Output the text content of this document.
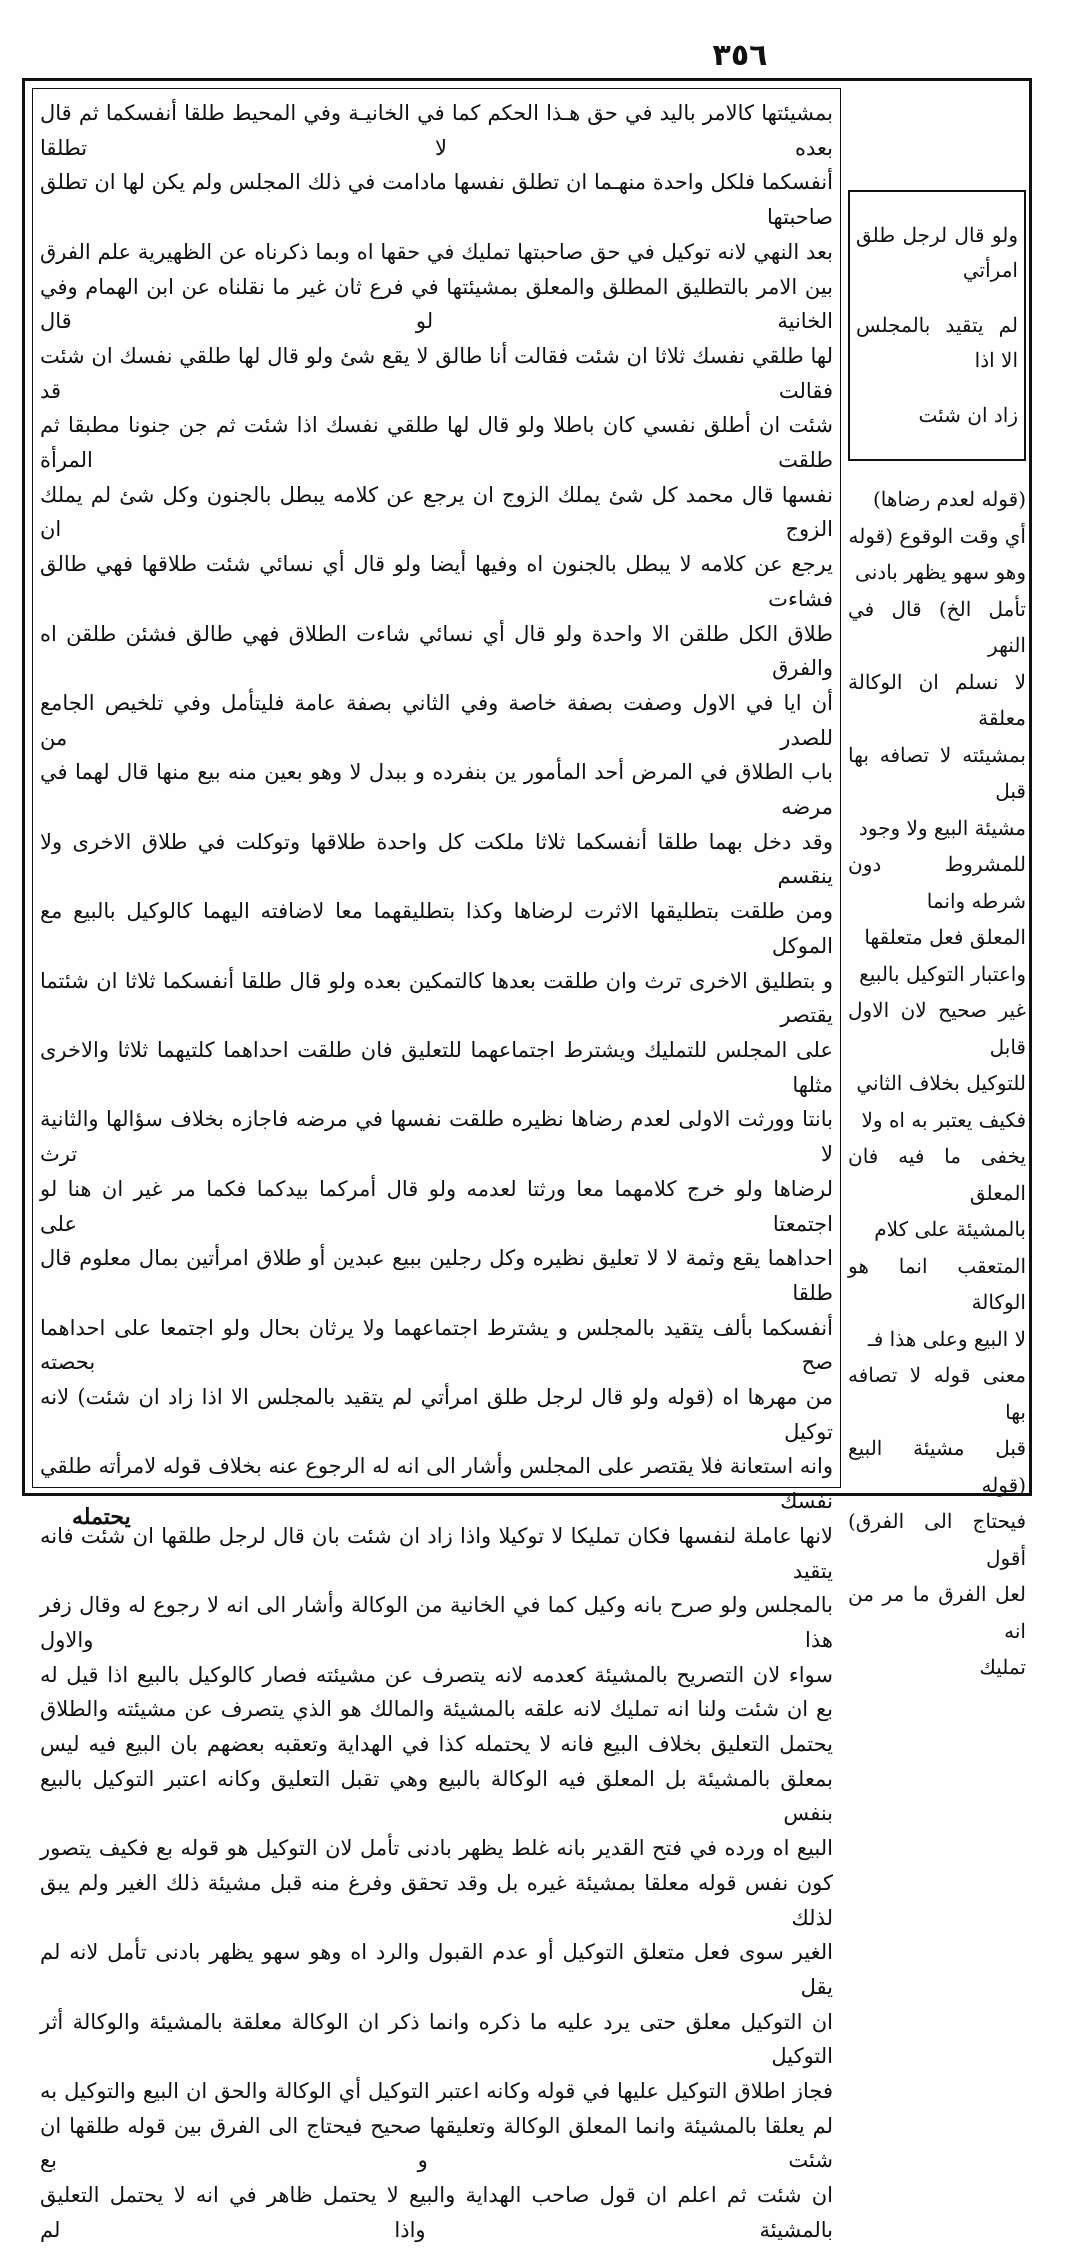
٣٥٦

بمشيئتها كالامر باليد في حق هـذا الحكم كما في الخانيـة وفي المحيط طلقا أنفسكما ثم قال بعده لا تطلقا

أنفسكما فلكل واحدة منهـما ان تطلق نفسها مادامت في ذلك المجلس ولم يكن لها ان تطلق صاحبتها

بعد النهي لانه توكيل في حق صاحبتها تمليك في حقها اه وبما ذكرناه عن الظهيرية علم الفرق

بين الامر بالتطليق المطلق والمعلق بمشيئتها في فرع ثان غير ما نقلناه عن ابن الهمام وفي الخانية لو قال

لها طلقي نفسك ثلاثا ان شئت فقالت أنا طالق لا يقع شئ ولو قال لها طلقي نفسك ان شئت فقالت قد

شئت ان أطلق نفسي كان باطلا ولو قال لها طلقي نفسك اذا شئت ثم جن جنونا مطبقا ثم طلقت المرأة

نفسها قال محمد كل شئ يملك الزوج ان يرجع عن كلامه يبطل بالجنون وكل شئ لم يملك الزوج ان

يرجع عن كلامه لا يبطل بالجنون اه وفيها أيضا ولو قال أي نسائي شئت طلاقها فهي طالق فشاءت

طلاق الكل طلقن الا واحدة ولو قال أي نسائي شاءت الطلاق فهي طالق فشئن طلقن اه والفرق

أن ايا في الاول وصفت بصفة خاصة وفي الثاني بصفة عامة فليتأمل وفي تلخيص الجامع للصدر من

باب الطلاق في المرض أحد المأمور ين بنفرده و ببدل لا وهو بعين منه بيع منها قال لهما في مرضه

وقد دخل بهما طلقا أنفسكما ثلاثا ملكت كل واحدة طلاقها وتوكلت في طلاق الاخرى ولا ينقسم

ومن طلقت بتطليقها الاثرت لرضاها وكذا بتطليقهما معا لاضافته اليهما كالوكيل بالبيع مع الموكل

و بتطليق الاخرى ترث وان طلقت بعدها كالتمكين بعده ولو قال طلقا أنفسكما ثلاثا ان شئتما يقتصر

على المجلس للتمليك ويشترط اجتماعهما للتعليق فان طلقت احداهما كلتيهما ثلاثا والاخرى مثلها

بانتا وورثت الاولى لعدم رضاها نظيره طلقت نفسها في مرضه فاجازه بخلاف سؤالها والثانية لا ترث

لرضاها ولو خرج كلامهما معا ورثتا لعدمه ولو قال أمركما بيدكما فكما مر غير ان هنا لو اجتمعتا على

احداهما يقع وثمة لا لا تعليق نظيره وكل رجلين ببيع عبدين أو طلاق امرأتين بمال معلوم قال طلقا

أنفسكما بألف يتقيد بالمجلس و يشترط اجتماعهما ولا يرثان بحال ولو اجتمعا على احداهما صح بحصته

من مهرها اه (قوله ولو قال لرجل طلق امرأتي لم يتقيد بالمجلس الا اذا زاد ان شئت) لانه توكيل

وانه استعانة فلا يقتصر على المجلس وأشار الى انه له الرجوع عنه بخلاف قوله لامرأته طلقي نفسك

لانها عاملة لنفسها فكان تمليكا لا توكيلا واذا زاد ان شئت بان قال لرجل طلقها ان شئت فانه يتقيد

بالمجلس ولو صرح بانه وكيل كما في الخانية من الوكالة وأشار الى انه لا رجوع له وقال زفر هذا والاول

سواء لان التصريح بالمشيئة كعدمه لانه يتصرف عن مشيئته فصار كالوكيل بالبيع اذا قيل له

بع ان شئت ولنا انه تمليك لانه علقه بالمشيئة والمالك هو الذي يتصرف عن مشيئته والطلاق

يحتمل التعليق بخلاف البيع فانه لا يحتمله كذا في الهداية وتعقبه بعضهم بان البيع فيه ليس

بمعلق بالمشيئة بل المعلق فيه الوكالة بالبيع وهي تقبل التعليق وكانه اعتبر التوكيل بالبيع بنفس

البيع اه ورده في فتح القدير بانه غلط يظهر بادنى تأمل لان التوكيل هو قوله بع فكيف يتصور

كون نفس قوله معلقا بمشيئة غيره بل وقد تحقق وفرغ منه قبل مشيئة ذلك الغير ولم يبق لذلك

الغير سوى فعل متعلق التوكيل أو عدم القبول والرد اه وهو سهو يظهر بادنى تأمل لانه لم يقل

ان التوكيل معلق حتى يرد عليه ما ذكره وانما ذكر ان الوكالة معلقة بالمشيئة والوكالة أثر التوكيل

فجاز اطلاق التوكيل عليها في قوله وكانه اعتبر التوكيل أي الوكالة والحق ان البيع والتوكيل به

لم يعلقا بالمشيئة وانما المعلق الوكالة وتعليقها صحيح فيحتاج الى الفرق بين قوله طلقها ان شئت و بع

ان شئت ثم اعلم ان قول صاحب الهداية والبيع لا يحتمل ظاهر في انه لا يحتمل التعليق بالمشيئة واذا لم

ولو قال لرجل طلق امرأتي

لم يتقيد بالمجلس الا اذا

زاد ان شئت

(قوله لعدم رضاها)

أي وقت الوقوع (قوله

وهو سهو يظهر بادنى

تأمل الخ) قال في النهر

لا نسلم ان الوكالة معلقة

بمشيئته لا تصافه بها قبل

مشيئة البيع ولا وجود

للمشروط دون شرطه وانما

المعلق فعل متعلقها

واعتبار التوكيل بالبيع

غير صحيح لان الاول قابل

للتوكيل بخلاف الثاني

فكيف يعتبر به اه ولا

يخفى ما فيه فان المعلق

بالمشيئة على كلام

المتعقب انما هو الوكالة

لا البيع وعلى هذا فـ

معنى قوله لا تصافه بها

قبل مشيئة البيع (قوله

فيحتاج الى الفرق) أقول

لعل الفرق ما مر من انه

تمليك

يحتمله
